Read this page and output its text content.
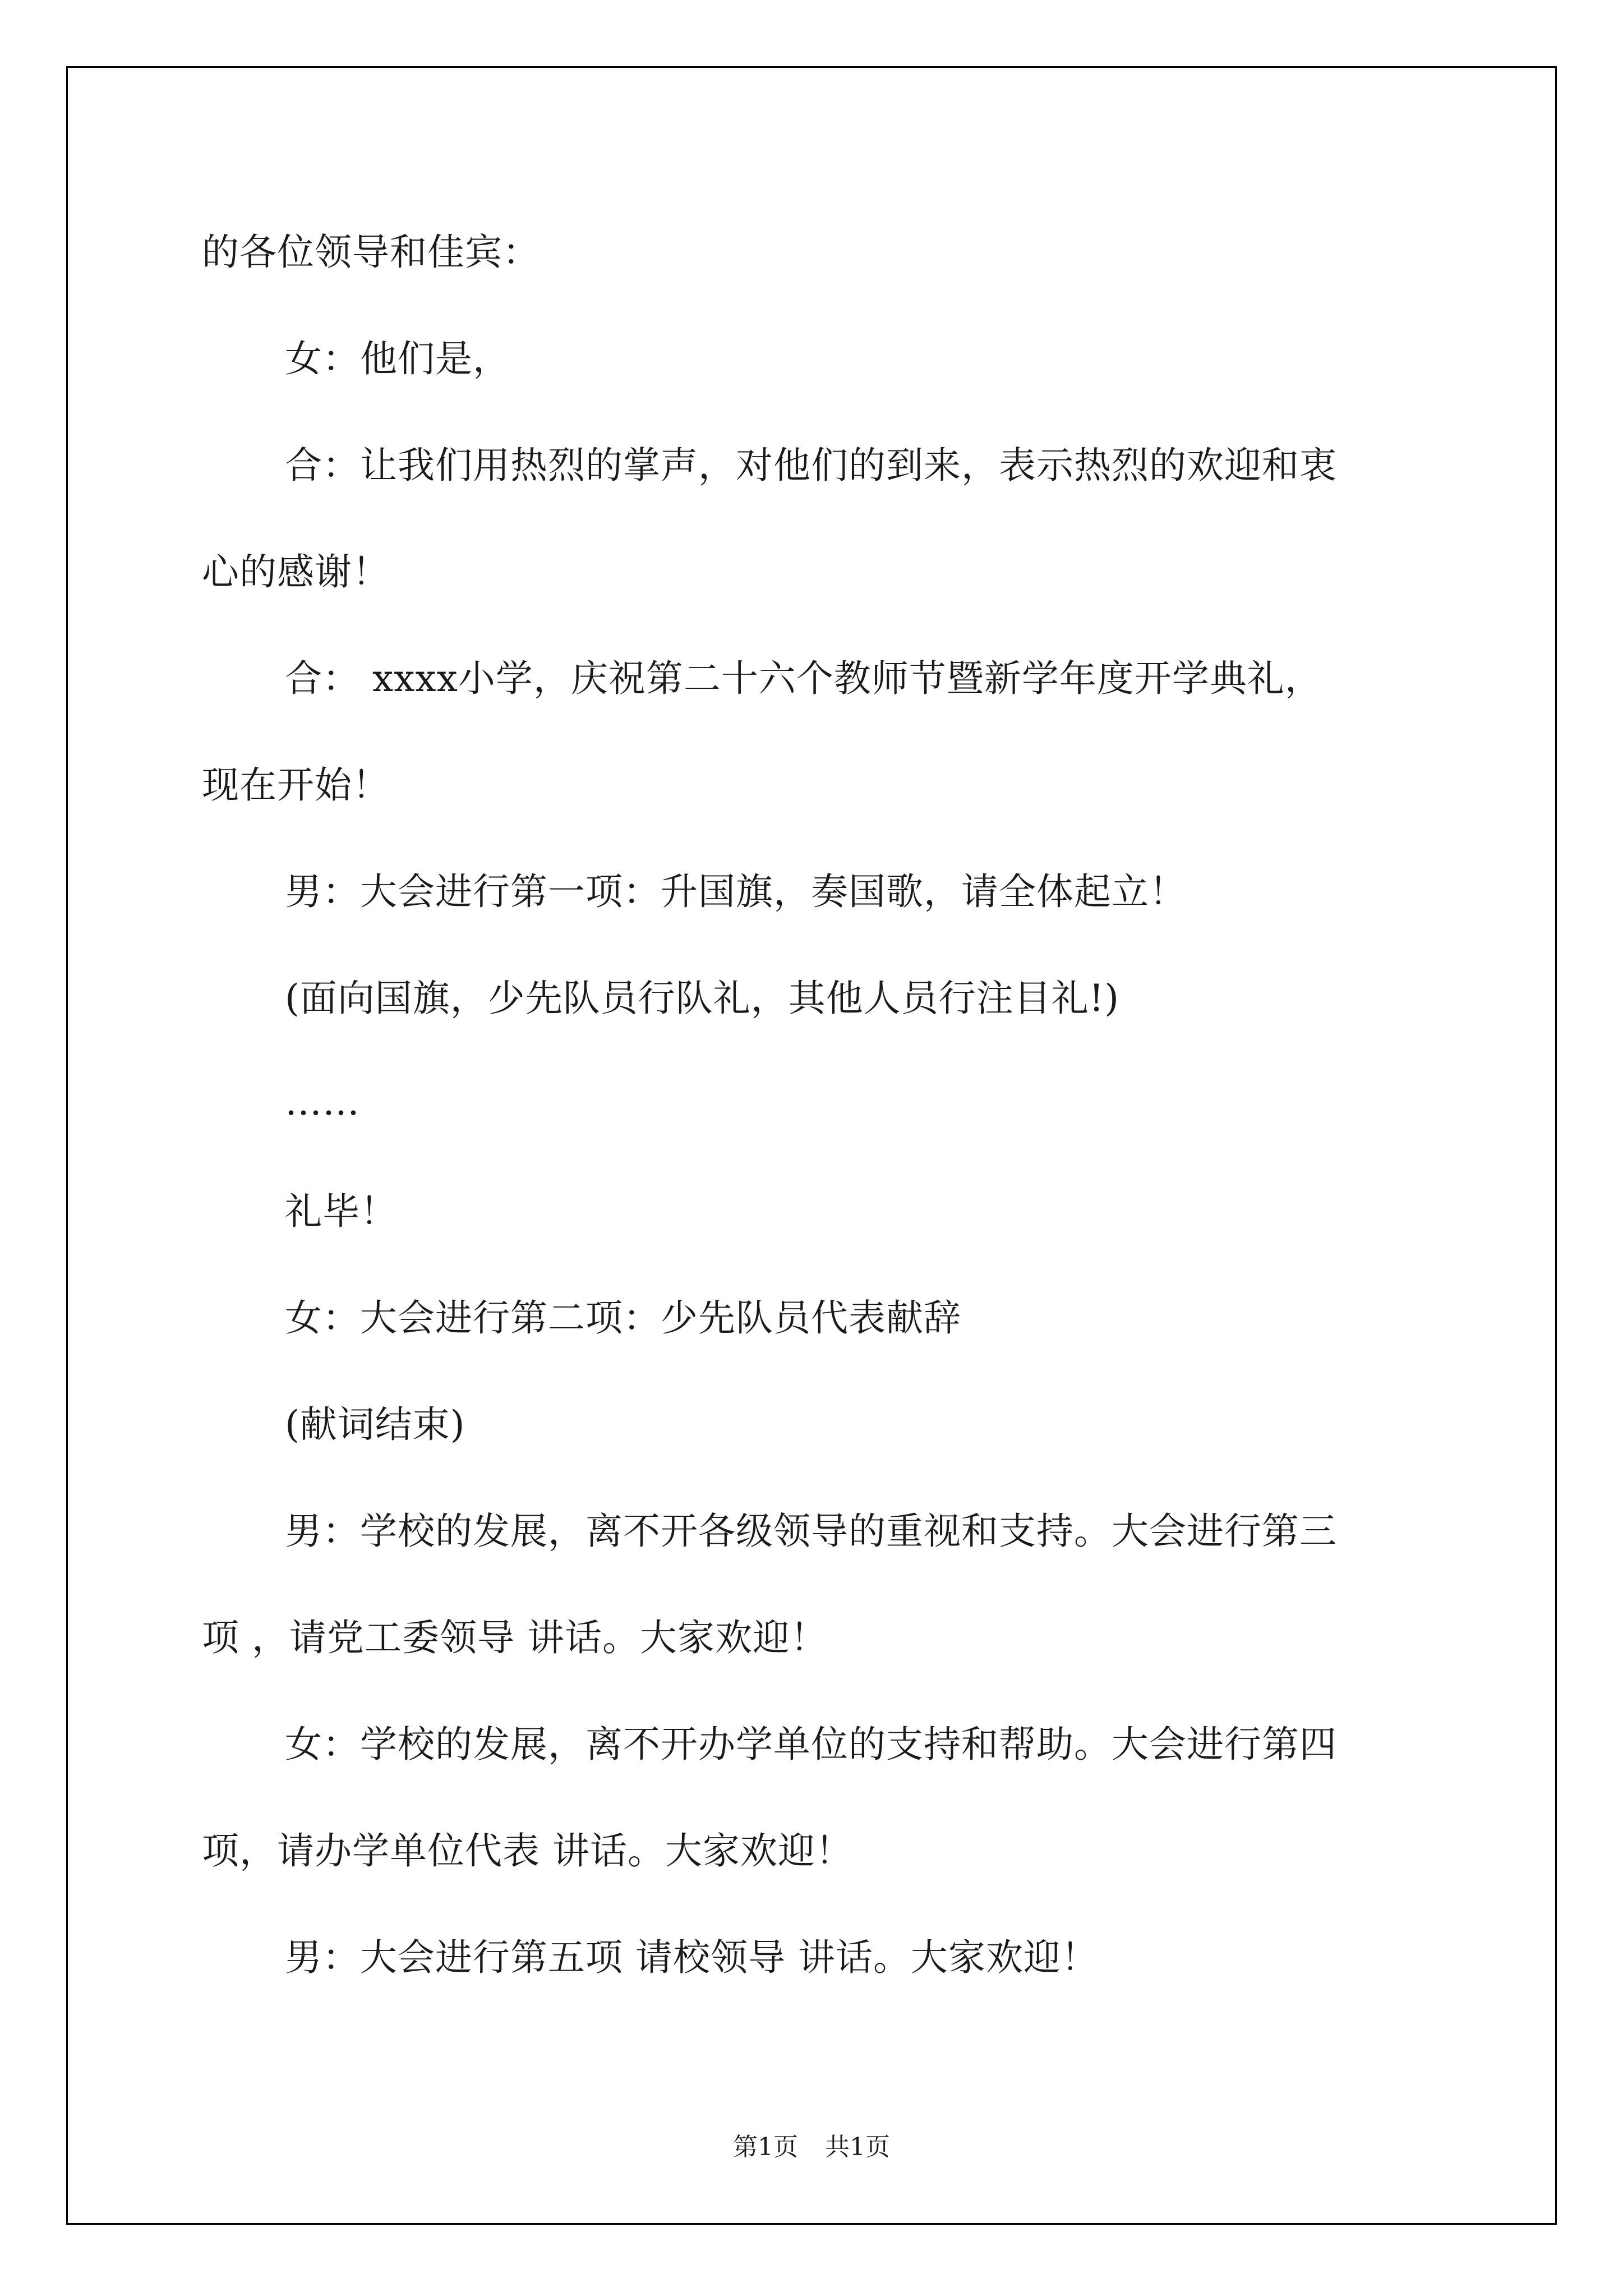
的各位领导和佳宾：
女：他们是，
合：让我们用热烈的掌声，对他们的到来，表示热烈的欢迎和衷
心的感谢！
合： xxxx小学，庆祝第二十六个教师节暨新学年度开学典礼，
现在开始！
男：大会进行第一项：升国旗，奏国歌，请全体起立！
(面向国旗，少先队员行队礼，其他人员行注目礼!)
……
礼毕！
女：大会进行第二项：少先队员代表献辞
(献词结束)
男：学校的发展，离不开各级领导的重视和支持。大会进行第三
项 ，请党工委领导 讲话。大家欢迎！
女：学校的发展，离不开办学单位的支持和帮助。大会进行第四
项，请办学单位代表 讲话。大家欢迎！
男：大会进行第五项 请校领导 讲话。大家欢迎！
第1页 共1页
